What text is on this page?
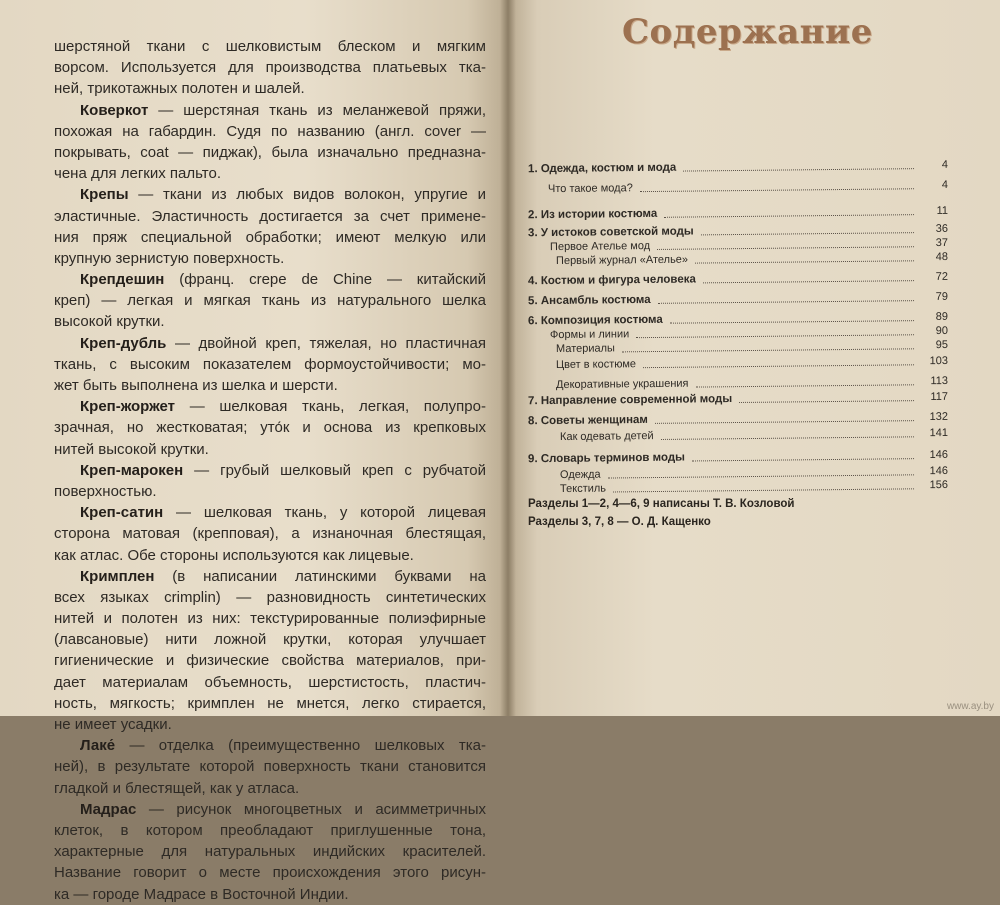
шерстяной ткани с шелковистым блеском и мягким
ворсом. Используется для производства платьевых тка-
ней, трикотажных полотен и шалей.
Коверкот — шерстяная ткань из меланжевой пряжи,
похожая на габардин. Судя по названию (англ. cover —
покрывать, coat — пиджак), была изначально предназна-
чена для легких пальто.
Крепы — ткани из любых видов волокон, упругие и
эластичные. Эластичность достигается за счет примене-
ния пряж специальной обработки; имеют мелкую или
крупную зернистую поверхность.
Крепдешин (франц. crepe de Chine — китайский
креп) — легкая и мягкая ткань из натурального шелка
высокой крутки.
Креп-дубль — двойной креп, тяжелая, но пластичная
ткань, с высоким показателем формоустойчивости; мо-
жет быть выполнена из шелка и шерсти.
Креп-жоржет — шелковая ткань, легкая, полупро-
зрачная, но жестковатая; уто́к и основа из крепковых
нитей высокой крутки.
Креп-марокен — грубый шелковый креп с рубчатой
поверхностью.
Креп-сатин — шелковая ткань, у которой лицевая
сторона матовая (крепповая), а изнаночная блестящая,
как атлас. Обе стороны используются как лицевые.
Кримплен (в написании латинскими буквами на
всех языках crimplin) — разновидность синтетических
нитей и полотен из них: текстурированные полиэфирные
(лавсановые) нити ложной крутки, которая улучшает
гигиенические и физические свойства материалов, при-
дает материалам объемность, шерстистость, пластич-
ность, мягкость; кримплен не мнется, легко стирается,
не имеет усадки.
Лаке́ — отделка (преимущественно шелковых тка-
ней), в результате которой поверхность ткани становится
гладкой и блестящей, как у атласа.
Мадрас — рисунок многоцветных и асимметричных
клеток, в котором преобладают приглушенные тона,
характерные для натуральных индийских красителей.
Название говорит о месте происхождения этого рисун-
ка — городе Мадрасе в Восточной Индии.
Содержание
1. Одежда, костюм и мода	4
Что такое мода?	4
2. Из истории костюма	11
3. У истоков советской моды	36
Первое Ателье мод	37
Первый журнал «Ателье»	48
4. Костюм и фигура человека	72
5. Ансамбль костюма	79
6. Композиция костюма	89
Формы и линии	90
Материалы	95
Цвет в костюме	103
Декоративные украшения	113
7. Направление современной моды	117
8. Советы женщинам	132
Как одевать детей	141
9. Словарь терминов моды	146
Одежда	146
Текстиль	156
Разделы 1—2, 4—6, 9 написаны Т. В. Козловой
Разделы 3, 7, 8 — О. Д. Кащенко
www.ay.by
